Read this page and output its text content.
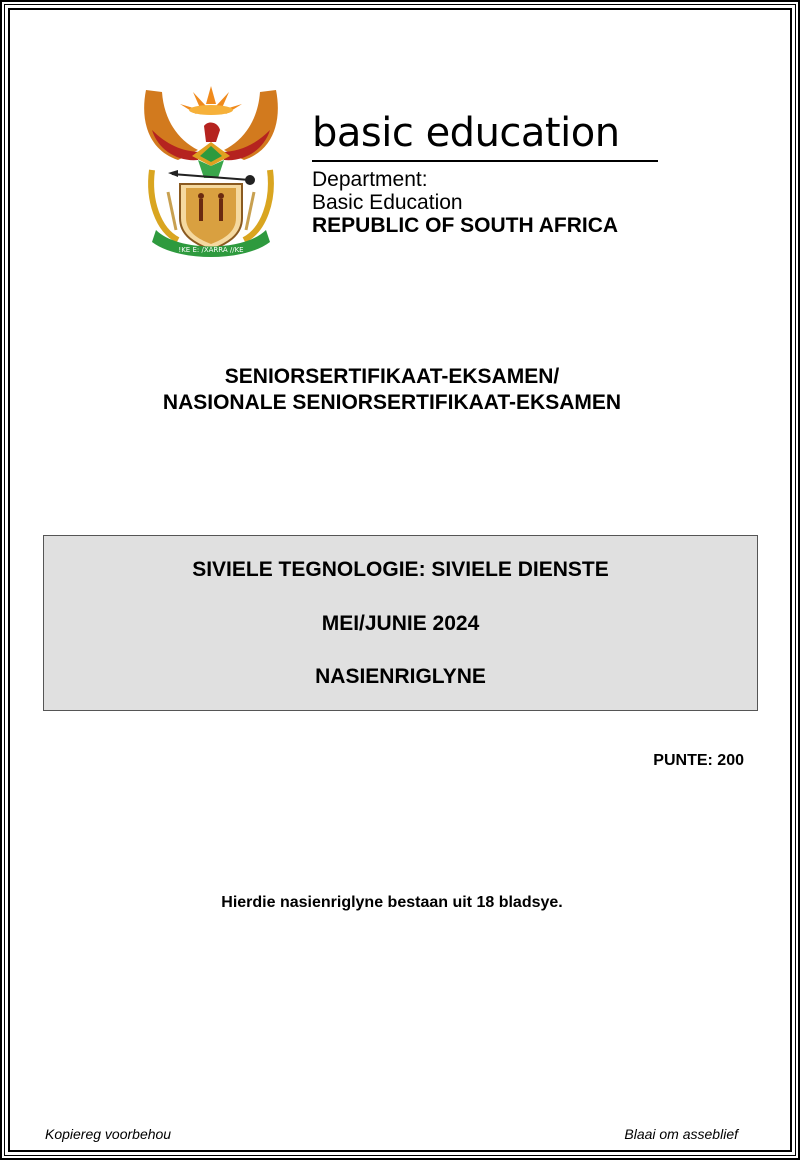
!KE E: /XARRA //KE

basic education

Department:

Basic Education

REPUBLIC OF SOUTH AFRICA

SENIORSERTIFIKAAT-EKSAMEN/
NASIONALE SENIORSERTIFIKAAT-EKSAMEN
SIVIELE TEGNOLOGIE: SIVIELE DIENSTE
MEI/JUNIE 2024
NASIENRIGLYNE
PUNTE: 200
Hierdie nasienriglyne bestaan uit 18 bladsye.
Kopiereg voorbehou	Blaai om asseblief
